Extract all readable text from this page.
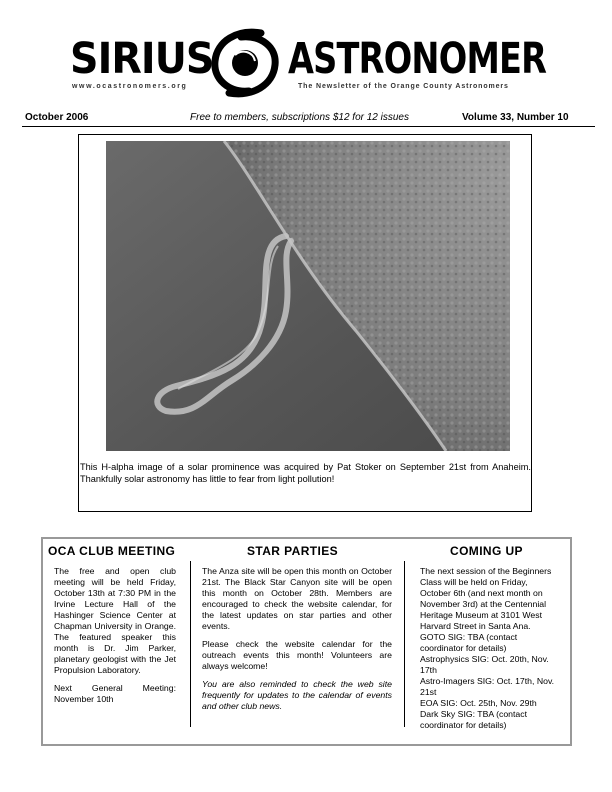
SIRIUS ASTRONOMER
www.ocastronomers.org	The Newsletter of the Orange County Astronomers
October 2006	Free to members, subscriptions $12 for 12 issues	Volume 33, Number 10
This H-alpha image of a solar prominence was acquired by Pat Stoker on September 21st from Anaheim. Thankfully solar astronomy has little to fear from light pollution!
OCA CLUB MEETING

The free and open club meeting will be held Friday, October 13th at 7:30 PM in the Irvine Lecture Hall of the Hashinger Science Center at Chapman University in Orange. The featured speaker this month is Dr. Jim Parker, planetary geologist with the Jet Propulsion Laboratory.

Next General Meeting: November 10th

STAR PARTIES

The Anza site will be open this month on October 21st. The Black Star Canyon site will be open this month on October 28th. Members are encouraged to check the website calendar, for the latest updates on star parties and other events.

Please check the website calendar for the outreach events this month! Volunteers are always welcome!

You are also reminded to check the web site frequently for updates to the calendar of events and other club news.

COMING UP
The next session of the Beginners Class will be held on Friday, October 6th (and next month on November 3rd) at the Centennial Heritage Museum at 3101 West Harvard Street in Santa Ana.
GOTO SIG: TBA (contact coordinator for details)
Astrophysics SIG: Oct. 20th, Nov. 17th
Astro-Imagers SIG: Oct. 17th, Nov. 21st
EOA SIG: Oct. 25th, Nov. 29th
Dark Sky SIG: TBA (contact coordinator for details)
